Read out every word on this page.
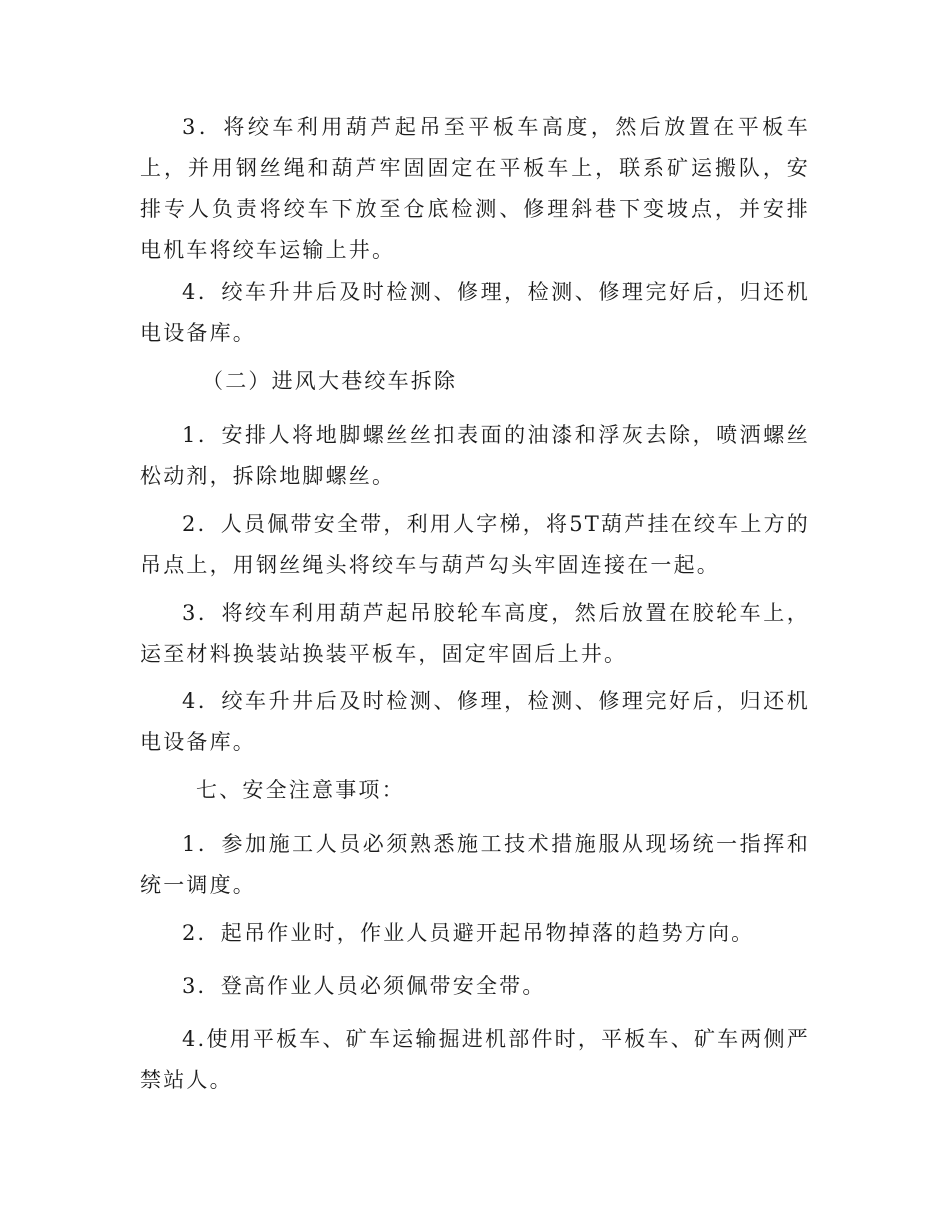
3．将绞车利用葫芦起吊至平板车高度，然后放置在平板车上，并用钢丝绳和葫芦牢固固定在平板车上，联系矿运搬队，安排专人负责将绞车下放至仓底检测、修理斜巷下变坡点，并安排电机车将绞车运输上井。

4．绞车升井后及时检测、修理，检测、修理完好后，归还机电设备库。

（二）进风大巷绞车拆除

1．安排人将地脚螺丝丝扣表面的油漆和浮灰去除，喷洒螺丝松动剂，拆除地脚螺丝。

2．人员佩带安全带，利用人字梯，将5T葫芦挂在绞车上方的吊点上，用钢丝绳头将绞车与葫芦勾头牢固连接在一起。

3．将绞车利用葫芦起吊胶轮车高度，然后放置在胶轮车上，运至材料换装站换装平板车，固定牢固后上井。

4．绞车升井后及时检测、修理，检测、修理完好后，归还机电设备库。

七、安全注意事项：

1．参加施工人员必须熟悉施工技术措施服从现场统一指挥和统一调度。

2．起吊作业时，作业人员避开起吊物掉落的趋势方向。

3．登高作业人员必须佩带安全带。

4.使用平板车、矿车运输掘进机部件时，平板车、矿车两侧严禁站人。
